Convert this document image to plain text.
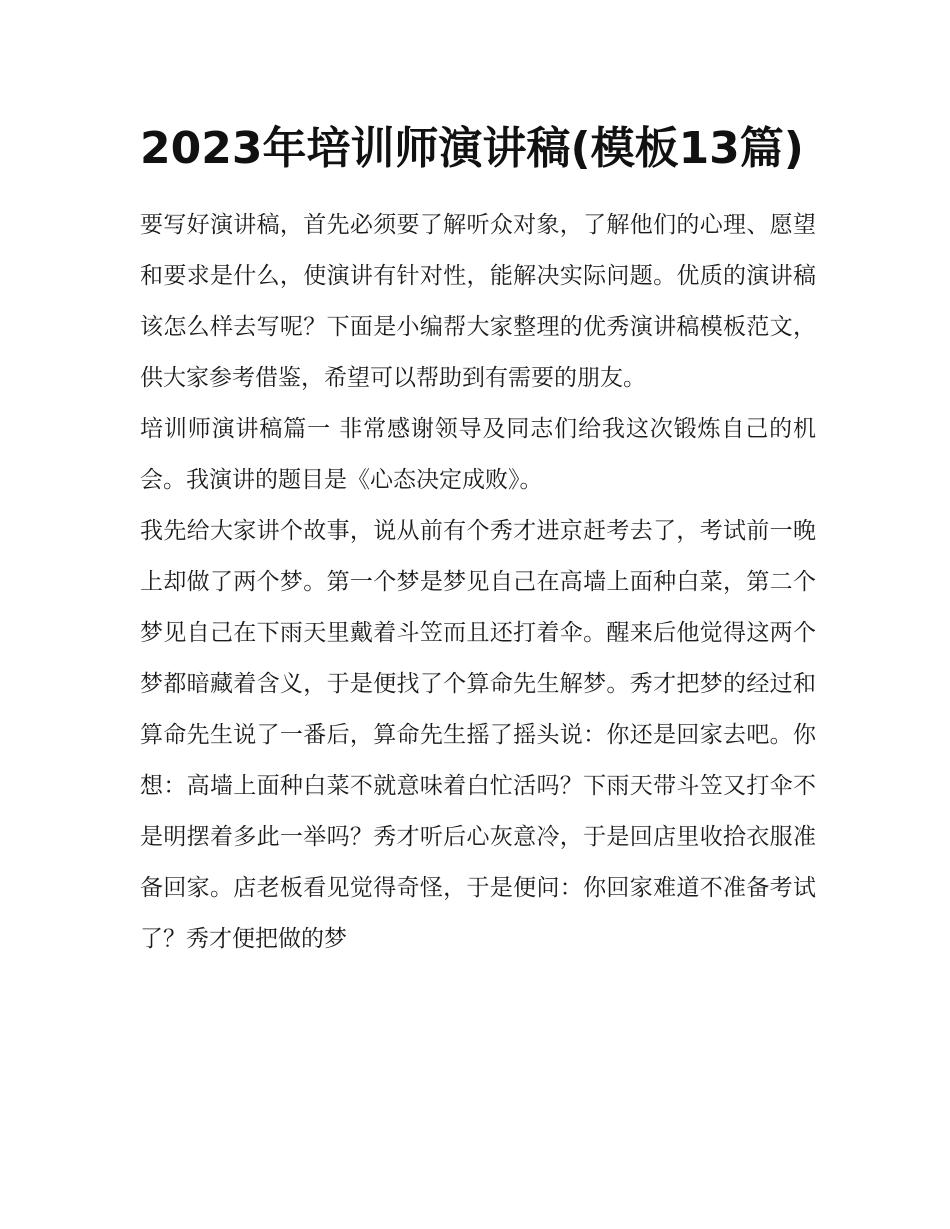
2023年培训师演讲稿(模板13篇)

要写好演讲稿，首先必须要了解听众对象，了解他们的心理、愿望和要求是什么，使演讲有针对性，能解决实际问题。优质的演讲稿该怎么样去写呢？下面是小编帮大家整理的优秀演讲稿模板范文，供大家参考借鉴，希望可以帮助到有需要的朋友。

培训师演讲稿篇一 非常感谢领导及同志们给我这次锻炼自己的机会。我演讲的题目是《心态决定成败》。

我先给大家讲个故事，说从前有个秀才进京赶考去了，考试前一晚上却做了两个梦。第一个梦是梦见自己在高墙上面种白菜，第二个梦见自己在下雨天里戴着斗笠而且还打着伞。醒来后他觉得这两个梦都暗藏着含义，于是便找了个算命先生解梦。秀才把梦的经过和算命先生说了一番后，算命先生摇了摇头说：你还是回家去吧。你想：高墙上面种白菜不就意味着白忙活吗？下雨天带斗笠又打伞不是明摆着多此一举吗？秀才听后心灰意冷，于是回店里收拾衣服准备回家。店老板看见觉得奇怪，于是便问：你回家难道不准备考试了？秀才便把做的梦
